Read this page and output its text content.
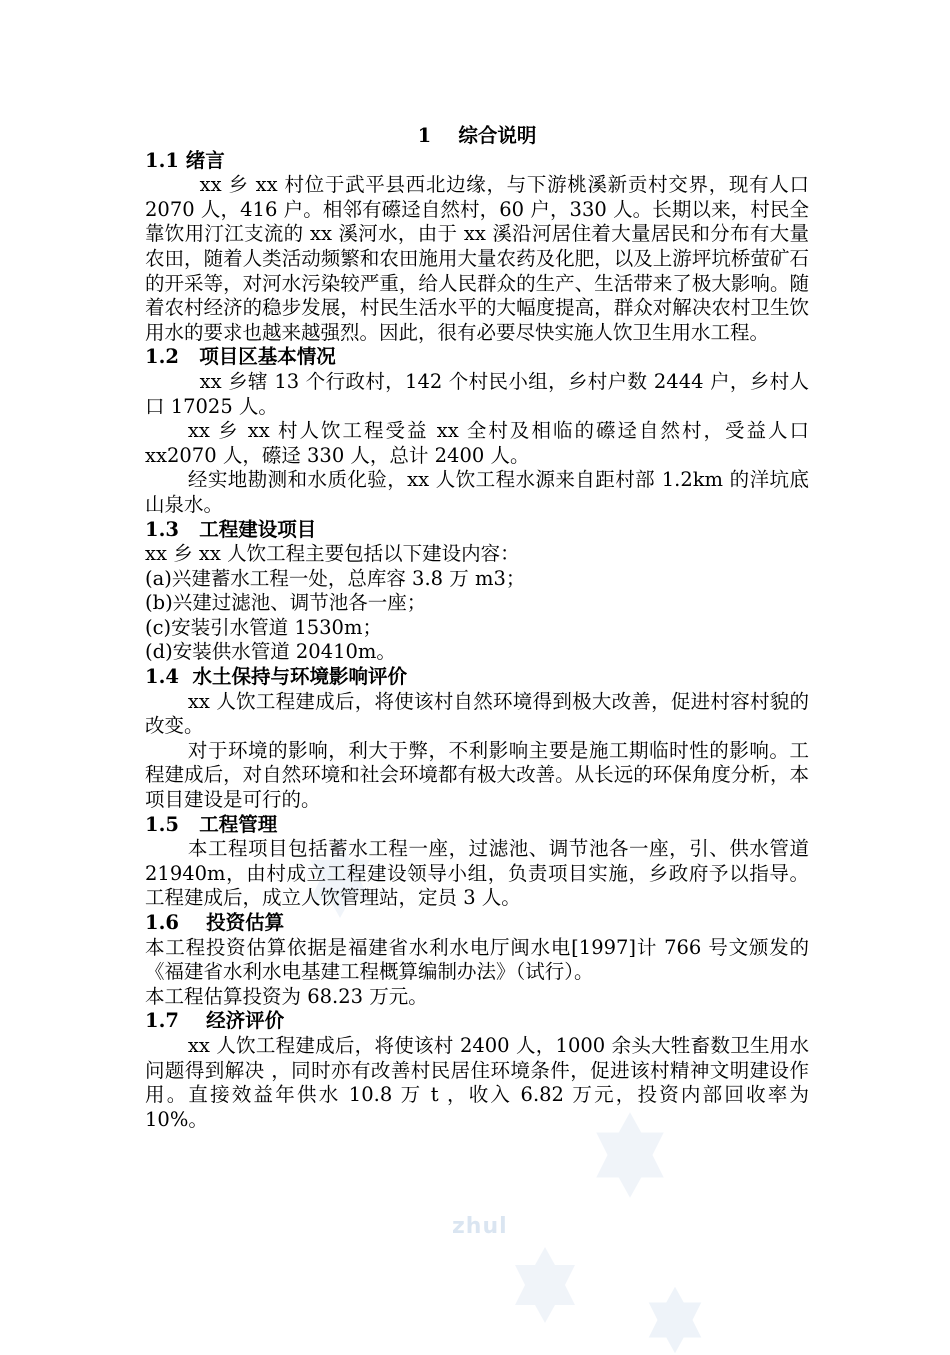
zhul
1    综合说明
1.1 绪言
xx 乡 xx 村位于武平县西北边缘，与下游桃溪新贡村交界，现有人口 2070 人，416 户。相邻有礤迳自然村，60 户，330 人。长期以来，村民全靠饮用汀江支流的 xx 溪河水，由于 xx 溪沿河居住着大量居民和分布有大量农田，随着人类活动频繁和农田施用大量农药及化肥，以及上游坪坑桥萤矿石的开采等，对河水污染较严重，给人民群众的生产、生活带来了极大影响。随着农村经济的稳步发展，村民生活水平的大幅度提高，群众对解决农村卫生饮用水的要求也越来越强烈。因此，很有必要尽快实施人饮卫生用水工程。
1.2   项目区基本情况
xx 乡辖 13 个行政村，142 个村民小组，乡村户数 2444 户，乡村人口 17025 人。
xx 乡 xx 村人饮工程受益 xx 全村及相临的礤迳自然村，受益人口 xx2070 人，礤迳 330 人，总计 2400 人。
经实地勘测和水质化验，xx 人饮工程水源来自距村部 1.2km 的洋坑底山泉水。
1.3   工程建设项目
xx 乡 xx 人饮工程主要包括以下建设内容：
(a)兴建蓄水工程一处，总库容 3.8 万 m3；
(b)兴建过滤池、调节池各一座；
(c)安装引水管道 1530m；
(d)安装供水管道 20410m。
1.4  水土保持与环境影响评价
xx 人饮工程建成后，将使该村自然环境得到极大改善，促进村容村貌的改变。
对于环境的影响，利大于弊，不利影响主要是施工期临时性的影响。工程建成后，对自然环境和社会环境都有极大改善。从长远的环保角度分析，本项目建设是可行的。
1.5   工程管理
本工程项目包括蓄水工程一座，过滤池、调节池各一座，引、供水管道 21940m，由村成立工程建设领导小组，负责项目实施，乡政府予以指导。工程建成后，成立人饮管理站，定员 3 人。
1.6    投资估算
本工程投资估算依据是福建省水利水电厅闽水电[1997]计 766 号文颁发的《福建省水利水电基建工程概算编制办法》（试行）。
本工程估算投资为 68.23 万元。
1.7    经济评价
xx 人饮工程建成后，将使该村 2400 人，1000 余头大牲畜数卫生用水问题得到解决 ，同时亦有改善村民居住环境条件，促进该村精神文明建设作用。直接效益年供水 10.8 万 t ，收入 6.82 万元，投资内部回收率为 10%。
